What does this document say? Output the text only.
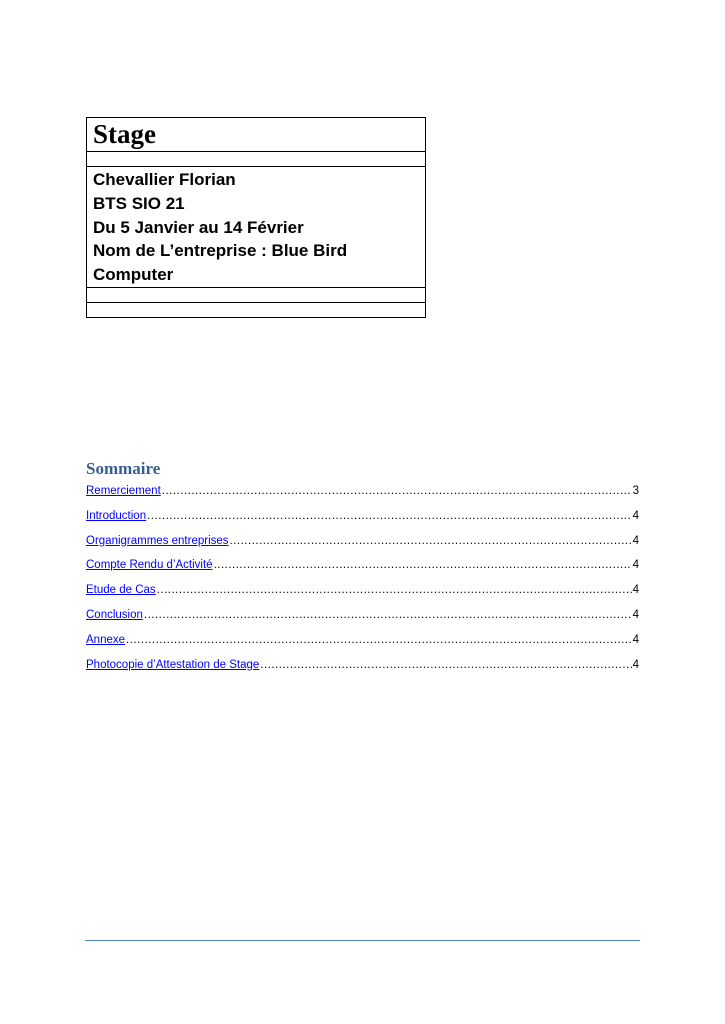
Stage

Chevallier Florian
BTS SIO 21
Du 5 Janvier au 14 Février
Nom de L’entreprise : Blue Bird
Computer

Sommaire
Remerciement .....	3
Introduction .....	4
Organigrammes entreprises .....	4
Compte Rendu d’Activité .....	4
Etude de Cas .....	4
Conclusion .....	4
Annexe .....	4
Photocopie d’Attestation de Stage .....	4
